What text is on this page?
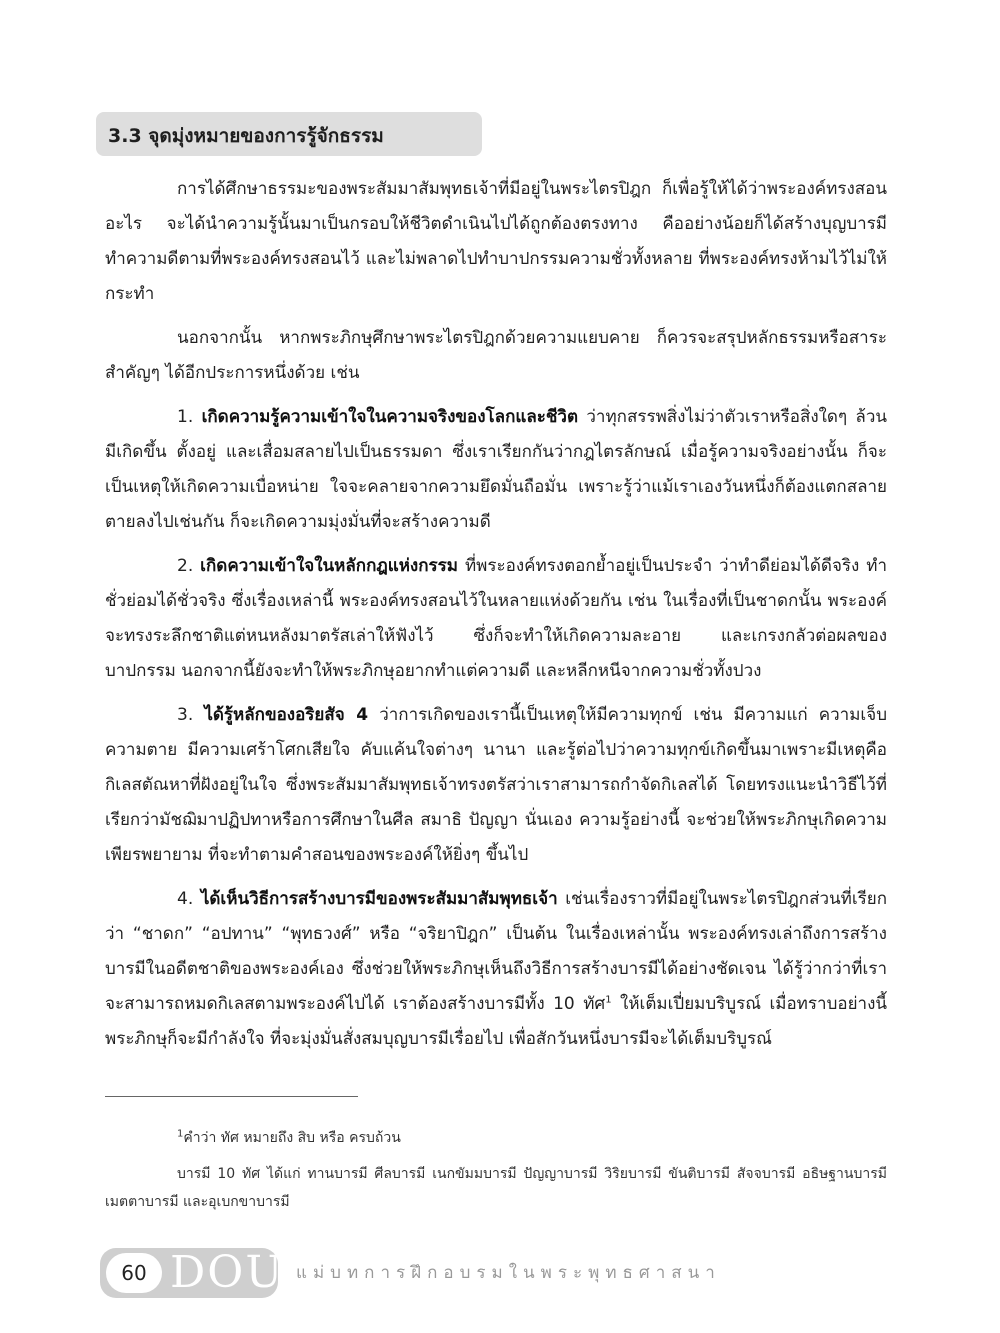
3.3 จุดมุ่งหมายของการรู้จักธรรม

การได้ศึกษาธรรมะของพระสัมมาสัมพุทธเจ้าที่มีอยู่ในพระไตรปิฎก ก็เพื่อรู้ให้ได้ว่าพระองค์ทรงสอนอะไร จะได้นำความรู้นั้นมาเป็นกรอบให้ชีวิตดำเนินไปได้ถูกต้องตรงทาง คืออย่างน้อยก็ได้สร้างบุญบารมี ทำความดีตามที่พระองค์ทรงสอนไว้ และไม่พลาดไปทำบาปกรรมความชั่วทั้งหลาย ที่พระองค์ทรงห้ามไว้ไม่ให้กระทำ

นอกจากนั้น หากพระภิกษุศึกษาพระไตรปิฎกด้วยความแยบคาย ก็ควรจะสรุปหลักธรรมหรือสาระสำคัญๆ ได้อีกประการหนึ่งด้วย เช่น

1. เกิดความรู้ความเข้าใจในความจริงของโลกและชีวิต ว่าทุกสรรพสิ่งไม่ว่าตัวเราหรือสิ่งใดๆ ล้วนมีเกิดขึ้น ตั้งอยู่ และเสื่อมสลายไปเป็นธรรมดา ซึ่งเราเรียกกันว่ากฎไตรลักษณ์ เมื่อรู้ความจริงอย่างนั้น ก็จะเป็นเหตุให้เกิดความเบื่อหน่าย ใจจะคลายจากความยึดมั่นถือมั่น เพราะรู้ว่าแม้เราเองวันหนึ่งก็ต้องแตกสลายตายลงไปเช่นกัน ก็จะเกิดความมุ่งมั่นที่จะสร้างความดี

2. เกิดความเข้าใจในหลักกฎแห่งกรรม ที่พระองค์ทรงตอกย้ำอยู่เป็นประจำ ว่าทำดีย่อมได้ดีจริง ทำชั่วย่อมได้ชั่วจริง ซึ่งเรื่องเหล่านี้ พระองค์ทรงสอนไว้ในหลายแห่งด้วยกัน เช่น ในเรื่องที่เป็นชาดกนั้น พระองค์จะทรงระลึกชาติแต่หนหลังมาตรัสเล่าให้ฟังไว้ ซึ่งก็จะทำให้เกิดความละอาย และเกรงกลัวต่อผลของบาปกรรม นอกจากนี้ยังจะทำให้พระภิกษุอยากทำแต่ความดี และหลีกหนีจากความชั่วทั้งปวง

3. ได้รู้หลักของอริยสัจ 4 ว่าการเกิดของเรานี้เป็นเหตุให้มีความทุกข์ เช่น มีความแก่ ความเจ็บ ความตาย มีความเศร้าโศกเสียใจ คับแค้นใจต่างๆ นานา และรู้ต่อไปว่าความทุกข์เกิดขึ้นมาเพราะมีเหตุคือกิเลสตัณหาที่ฝังอยู่ในใจ ซึ่งพระสัมมาสัมพุทธเจ้าทรงตรัสว่าเราสามารถกำจัดกิเลสได้ โดยทรงแนะนำวิธีไว้ที่เรียกว่ามัชฌิมาปฏิปทาหรือการศึกษาในศีล สมาธิ ปัญญา นั่นเอง ความรู้อย่างนี้ จะช่วยให้พระภิกษุเกิดความเพียรพยายาม ที่จะทำตามคำสอนของพระองค์ให้ยิ่งๆ ขึ้นไป

4. ได้เห็นวิธีการสร้างบารมีของพระสัมมาสัมพุทธเจ้า เช่นเรื่องราวที่มีอยู่ในพระไตรปิฎกส่วนที่เรียกว่า “ชาดก” “อปทาน” “พุทธวงศ์” หรือ “จริยาปิฎก” เป็นต้น ในเรื่องเหล่านั้น พระองค์ทรงเล่าถึงการสร้างบารมีในอดีตชาติของพระองค์เอง ซึ่งช่วยให้พระภิกษุเห็นถึงวิธีการสร้างบารมีได้อย่างชัดเจน ได้รู้ว่ากว่าที่เราจะสามารถหมดกิเลสตามพระองค์ไปได้ เราต้องสร้างบารมีทั้ง 10 ทัศ$^1$ ให้เต็มเปี่ยมบริบูรณ์ เมื่อทราบอย่างนี้ พระภิกษุก็จะมีกำลังใจ ที่จะมุ่งมั่นสั่งสมบุญบารมีเรื่อยไป เพื่อสักวันหนึ่งบารมีจะได้เต็มบริบูรณ์

$^1$คำว่า ทัศ หมายถึง สิบ หรือ ครบถ้วน

บารมี 10 ทัศ ได้แก่ ทานบารมี ศีลบารมี เนกขัมมบารมี ปัญญาบารมี วิริยบารมี ขันติบารมี สัจจบารมี อธิษฐานบารมี เมตตาบารมี และอุเบกขาบารมี

60 DOU แม่บทการฝึกอบรมในพระพุทธศาสนา
